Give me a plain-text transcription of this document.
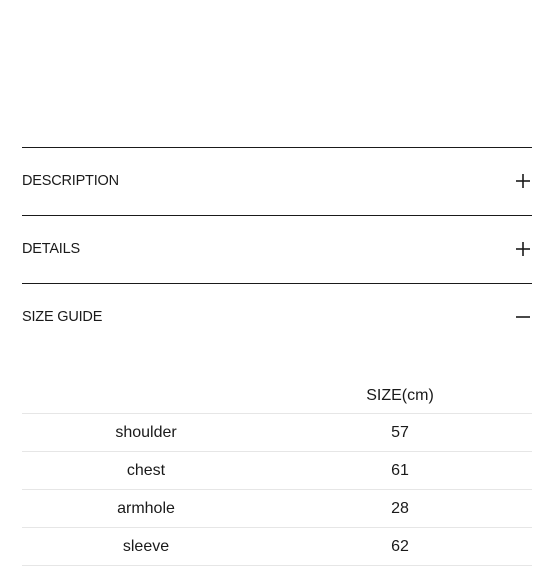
DESCRIPTION
DETAILS
SIZE GUIDE
SIZE(cm)
shoulder	57
chest	61
armhole	28
sleeve	62
